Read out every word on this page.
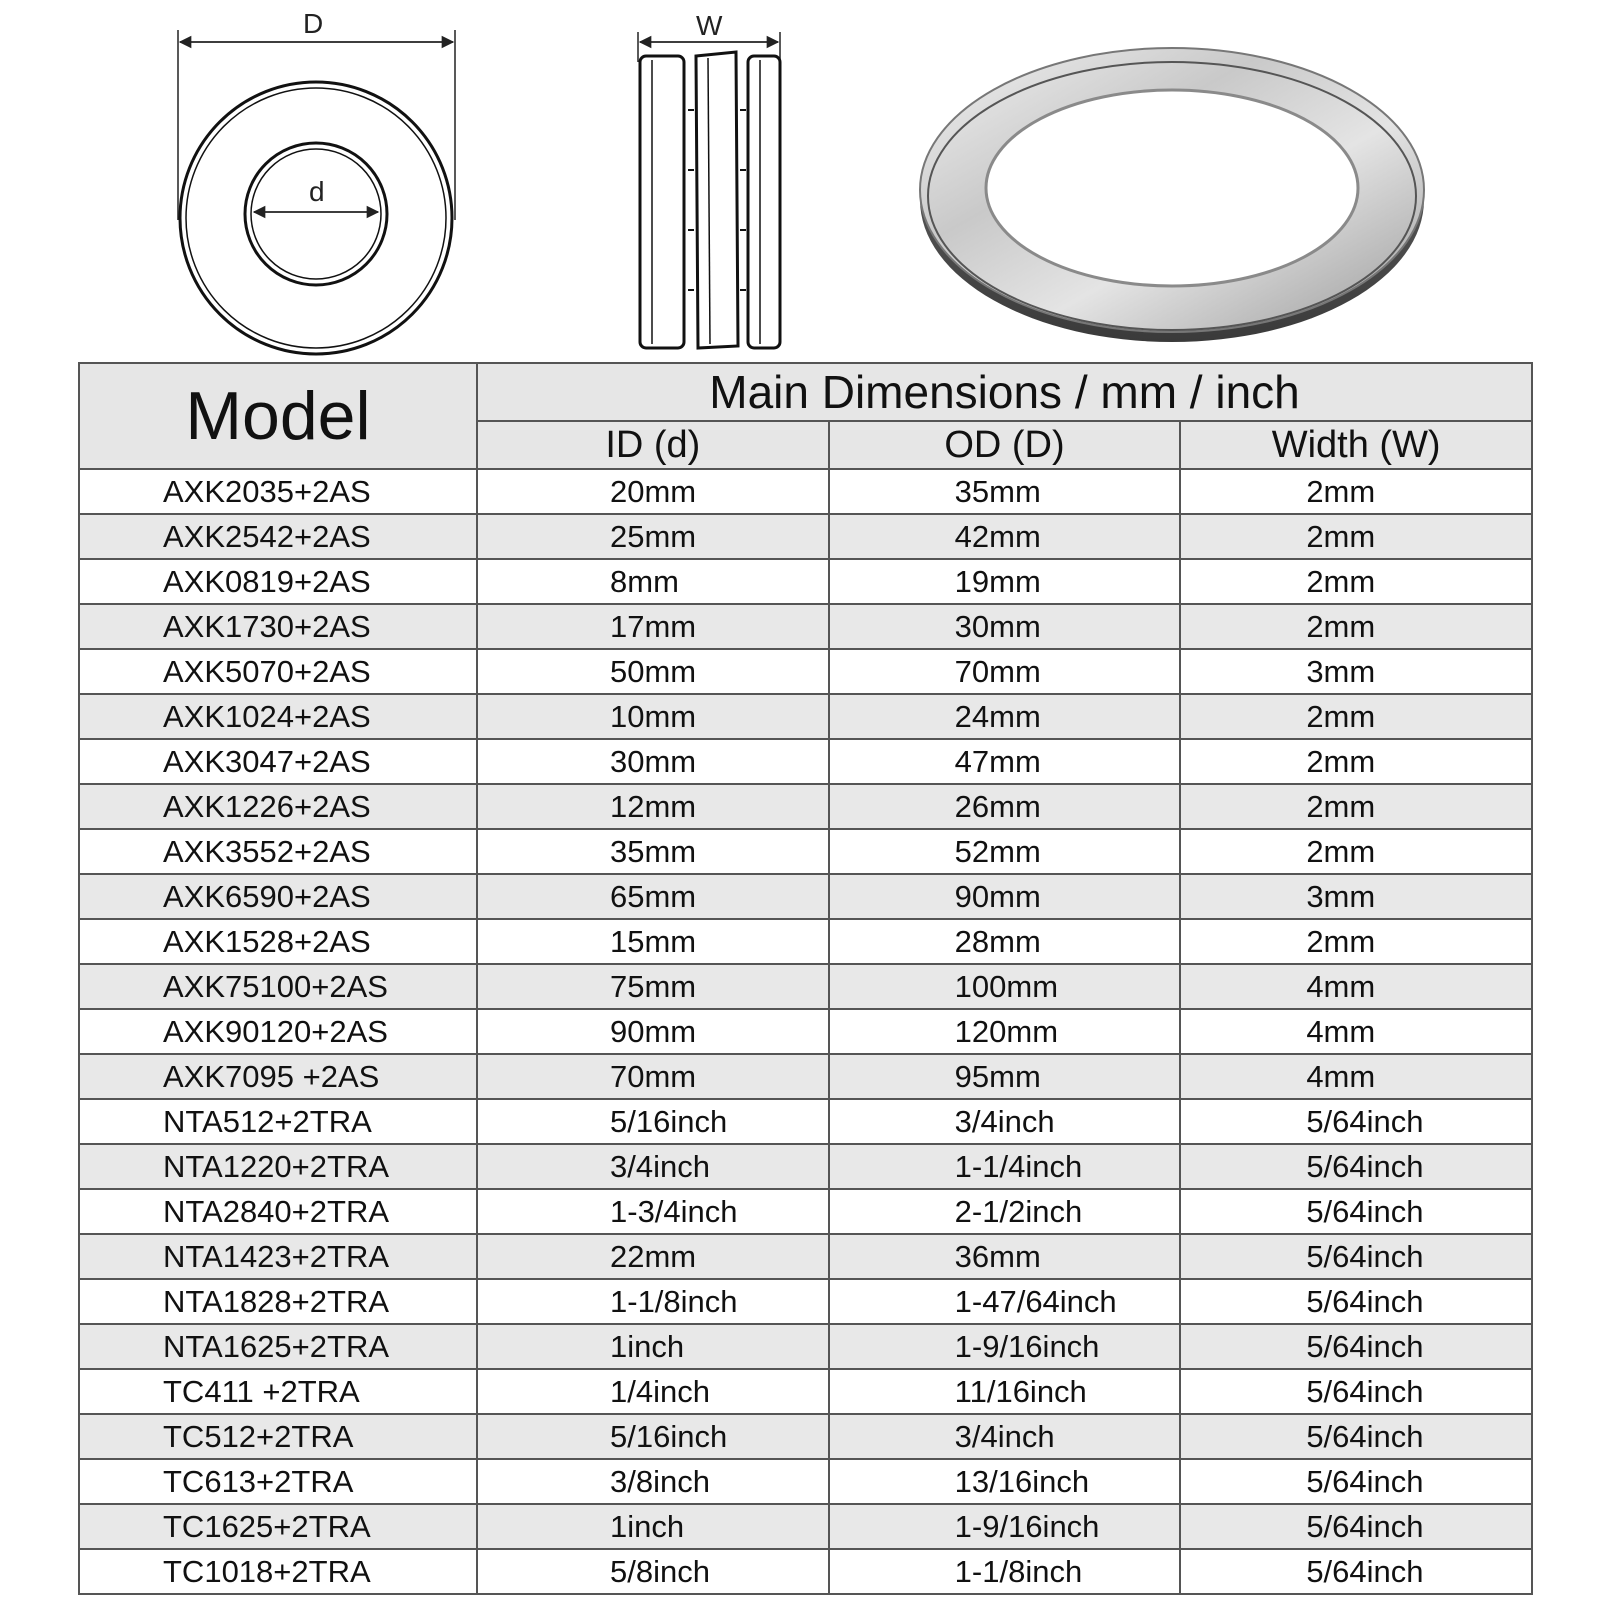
D
d
W
Model	Main Dimensions / mm / inch		
	ID (d)	OD (D)	Width (W)
AXK2035+2AS	20mm	35mm	2mm
AXK2542+2AS	25mm	42mm	2mm
AXK0819+2AS	8mm	19mm	2mm
AXK1730+2AS	17mm	30mm	2mm
AXK5070+2AS	50mm	70mm	3mm
AXK1024+2AS	10mm	24mm	2mm
AXK3047+2AS	30mm	47mm	2mm
AXK1226+2AS	12mm	26mm	2mm
AXK3552+2AS	35mm	52mm	2mm
AXK6590+2AS	65mm	90mm	3mm
AXK1528+2AS	15mm	28mm	2mm
AXK75100+2AS	75mm	100mm	4mm
AXK90120+2AS	90mm	120mm	4mm
AXK7095 +2AS	70mm	95mm	4mm
NTA512+2TRA	5/16inch	3/4inch	5/64inch
NTA1220+2TRA	3/4inch	1-1/4inch	5/64inch
NTA2840+2TRA	1-3/4inch	2-1/2inch	5/64inch
NTA1423+2TRA	22mm	36mm	5/64inch
NTA1828+2TRA	1-1/8inch	1-47/64inch	5/64inch
NTA1625+2TRA	1inch	1-9/16inch	5/64inch
TC411 +2TRA	1/4inch	11/16inch	5/64inch
TC512+2TRA	5/16inch	3/4inch	5/64inch
TC613+2TRA	3/8inch	13/16inch	5/64inch
TC1625+2TRA	1inch	1-9/16inch	5/64inch
TC1018+2TRA	5/8inch	1-1/8inch	5/64inch
